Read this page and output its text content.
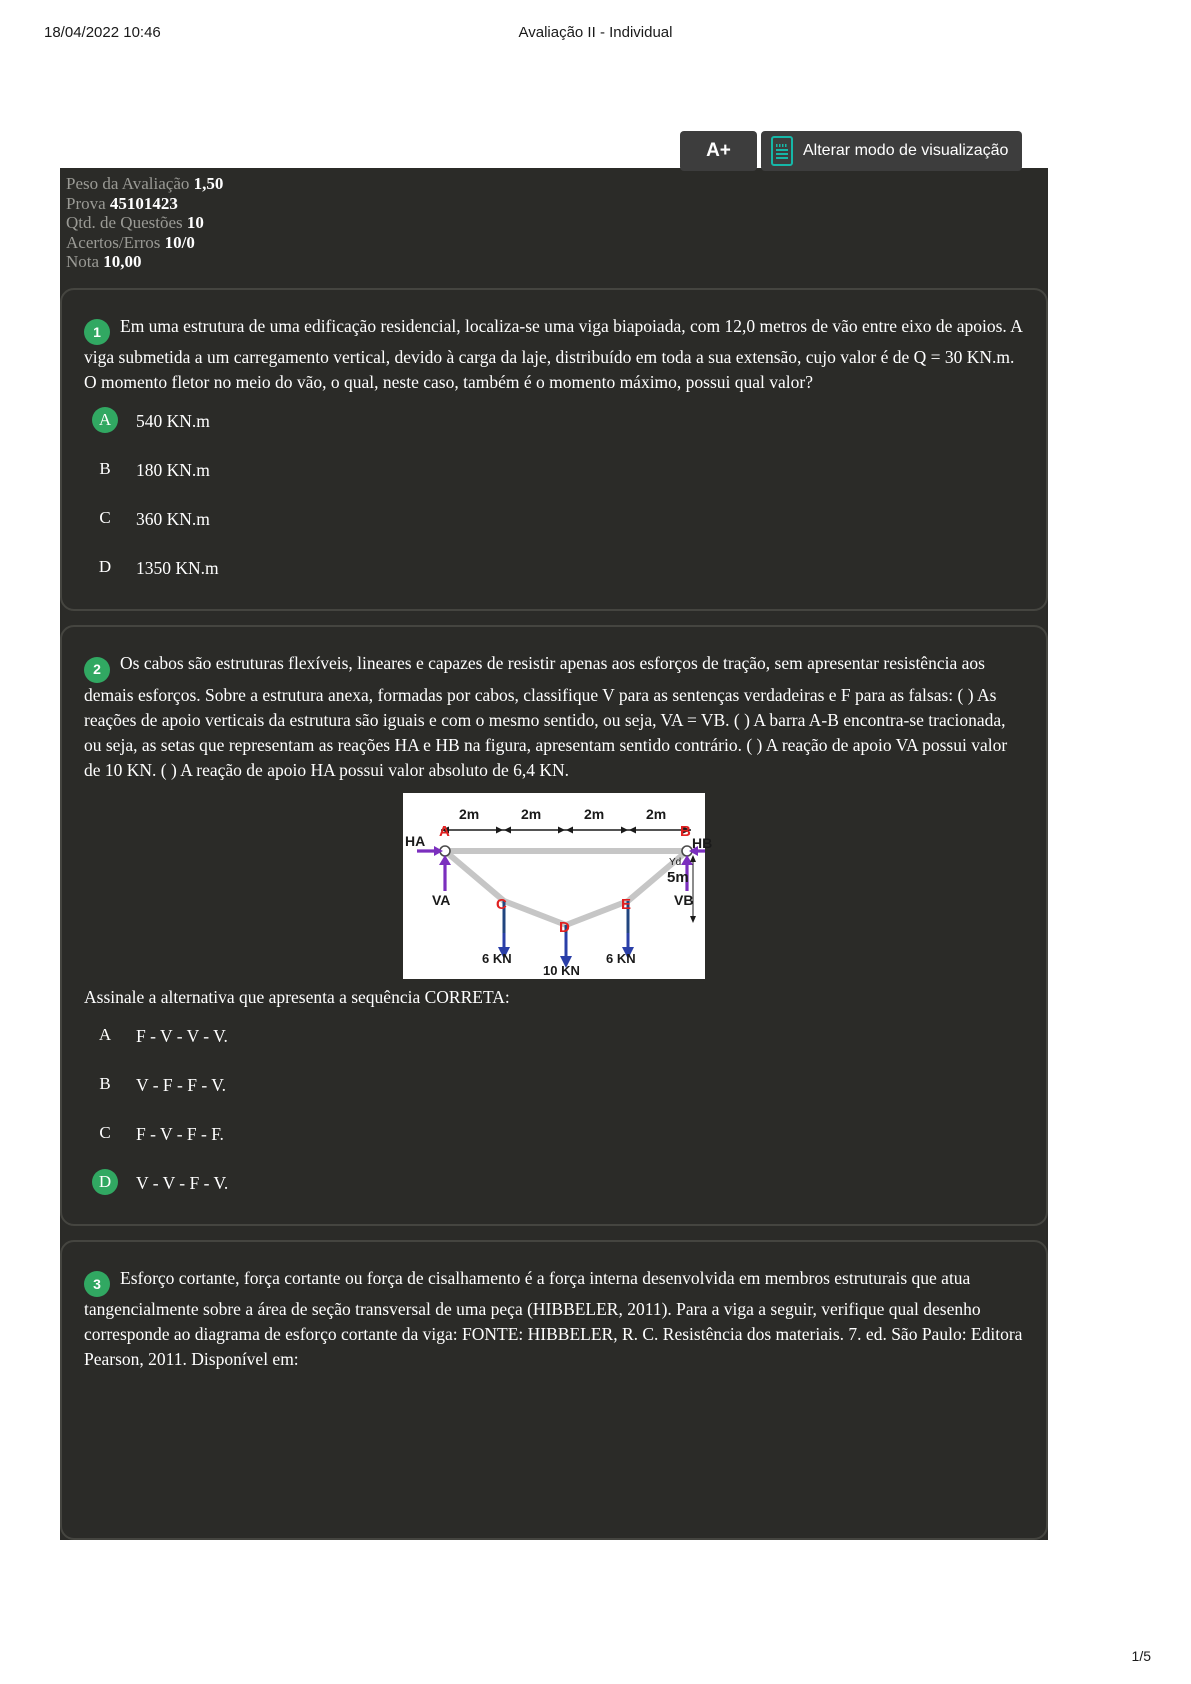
18/04/2022 10:46	Avaliação II - Individual
A+	Alterar modo de visualização
Peso da Avaliação 1,50
Prova 45101423
Qtd. de Questões 10
Acertos/Erros 10/0
Nota 10,00
1 Em uma estrutura de uma edificação residencial, localiza-se uma viga biapoiada, com 12,0 metros de vão entre eixo de apoios. A viga submetida a um carregamento vertical, devido à carga da laje, distribuído em toda a sua extensão, cujo valor é de Q = 30 KN.m. O momento fletor no meio do vão, o qual, neste caso, também é o momento máximo, possui qual valor?
A	540 KN.m
B	180 KN.m
C	360 KN.m
D	1350 KN.m
2 Os cabos são estruturas flexíveis, lineares e capazes de resistir apenas aos esforços de tração, sem apresentar resistência aos demais esforços. Sobre a estrutura anexa, formadas por cabos, classifique V para as sentenças verdadeiras e F para as falsas: ( ) As reações de apoio verticais da estrutura são iguais e com o mesmo sentido, ou seja, VA = VB. ( ) A barra A-B encontra-se tracionada, ou seja, as setas que representam as reações HA e HB na figura, apresentam sentido contrário. ( ) A reação de apoio VA possui valor de 10 KN. ( ) A reação de apoio HA possui valor absoluto de 6,4 KN.
2m	2m	2m	2m
A	B
C
D
E
HA	HB
VA	VB
6 KN
10 KN
6 KN
Yd
5m
Assinale a alternativa que apresenta a sequência CORRETA:
A	F - V - V - V.
B	V - F - F - V.
C	F - V - F - F.
D	V - V - F - V.
3 Esforço cortante, força cortante ou força de cisalhamento é a força interna desenvolvida em membros estruturais que atua tangencialmente sobre a área de seção transversal de uma peça (HIBBELER, 2011). Para a viga a seguir, verifique qual desenho corresponde ao diagrama de esforço cortante da viga: FONTE: HIBBELER, R. C. Resistência dos materiais. 7. ed. São Paulo: Editora Pearson, 2011. Disponível em:
1/5
